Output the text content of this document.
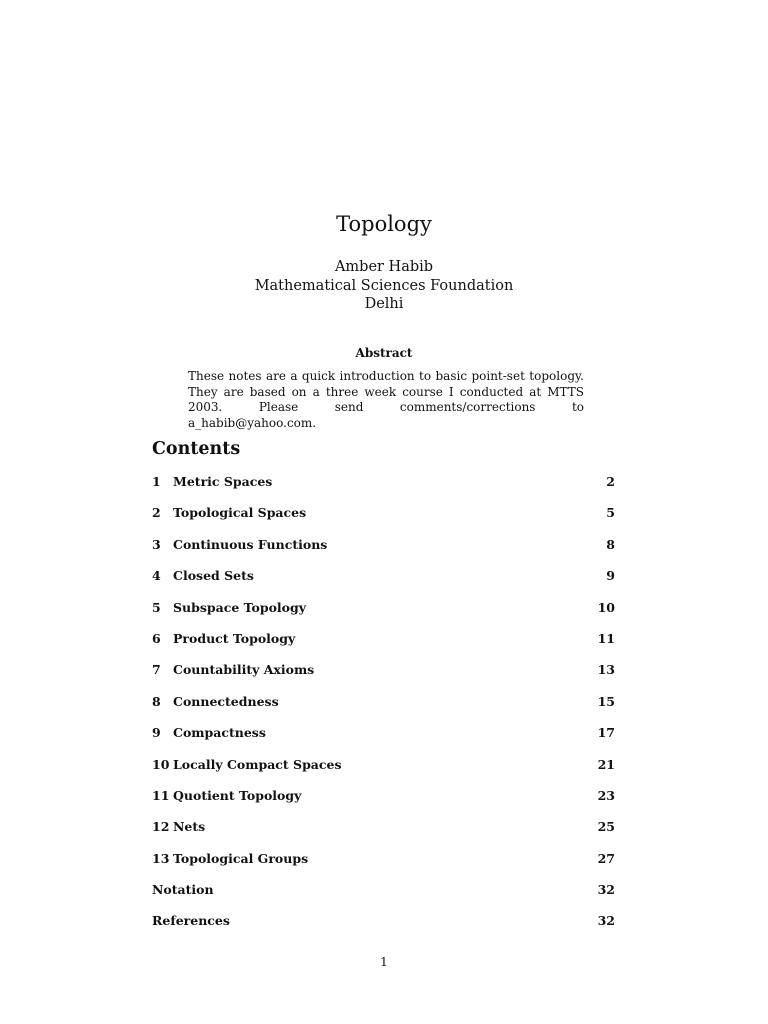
Topology
Amber Habib
Mathematical Sciences Foundation
Delhi
Abstract
These notes are a quick introduction to basic point-set topology. They are based on a three week course I conducted at MTTS 2003. Please send comments/corrections to a_habib@yahoo.com.
Contents
1 Metric Spaces	2
2 Topological Spaces	5
3 Continuous Functions	8
4 Closed Sets	9
5 Subspace Topology	10
6 Product Topology	11
7 Countability Axioms	13
8 Connectedness	15
9 Compactness	17
10 Locally Compact Spaces	21
11 Quotient Topology	23
12 Nets	25
13 Topological Groups	27
Notation	32
References	32
1
